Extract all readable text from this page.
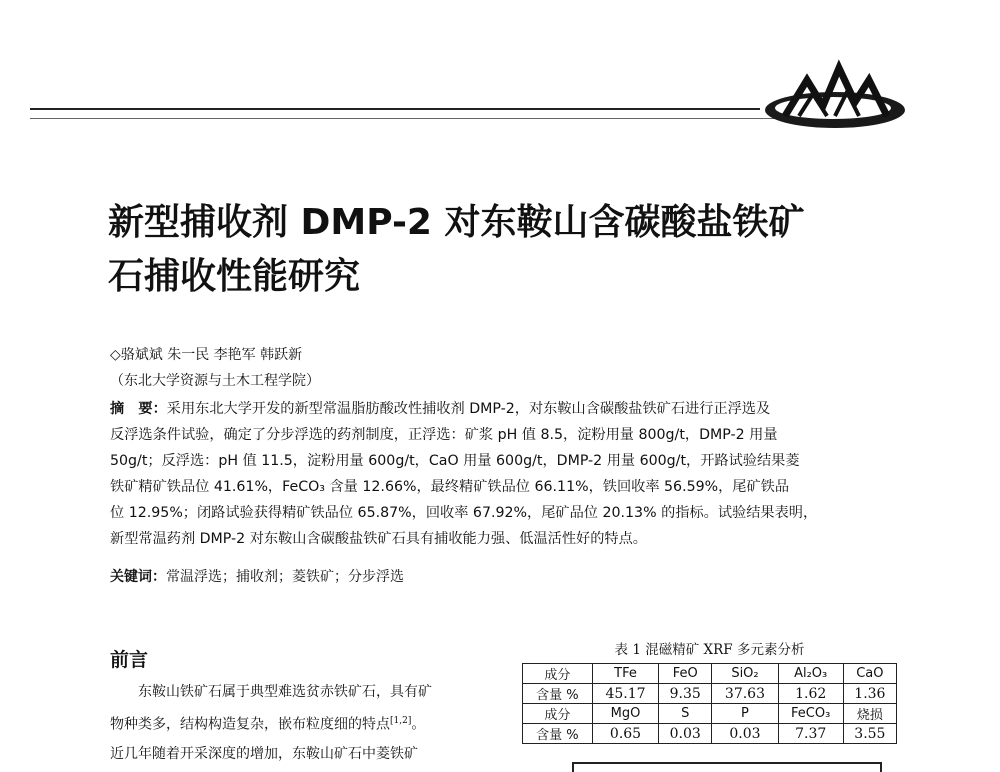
新型捕收剂 DMP-2 对东鞍山含碳酸盐铁矿
石捕收性能研究
◇骆斌斌 朱一民 李艳军 韩跃新
（东北大学资源与土木工程学院）
摘　要：采用东北大学开发的新型常温脂肪酸改性捕收剂 DMP-2，对东鞍山含碳酸盐铁矿石进行正浮选及
反浮选条件试验，确定了分步浮选的药剂制度，正浮选：矿浆 pH 值 8.5，淀粉用量 800g/t，DMP-2 用量
50g/t；反浮选：pH 值 11.5，淀粉用量 600g/t，CaO 用量 600g/t，DMP-2 用量 600g/t，开路试验结果菱
铁矿精矿铁品位 41.61%，FeCO₃ 含量 12.66%，最终精矿铁品位 66.11%，铁回收率 56.59%，尾矿铁品
位 12.95%；闭路试验获得精矿铁品位 65.87%，回收率 67.92%，尾矿品位 20.13% 的指标。试验结果表明，
新型常温药剂 DMP-2 对东鞍山含碳酸盐铁矿石具有捕收能力强、低温活性好的特点。
关键词：常温浮选；捕收剂；菱铁矿；分步浮选
前言
东鞍山铁矿石属于典型难选贫赤铁矿石，具有矿
物种类多，结构构造复杂，嵌布粒度细的特点[1,2]。
近几年随着开采深度的增加，东鞍山矿石中菱铁矿
表 1 混磁精矿 XRF 多元素分析
成分	TFe	FeO	SiO₂	Al₂O₃	CaO
含量 %	45.17	9.35	37.63	1.62	1.36
成分	MgO	S	P	FeCO₃	烧损
含量 %	0.65	0.03	0.03	7.37	3.55
